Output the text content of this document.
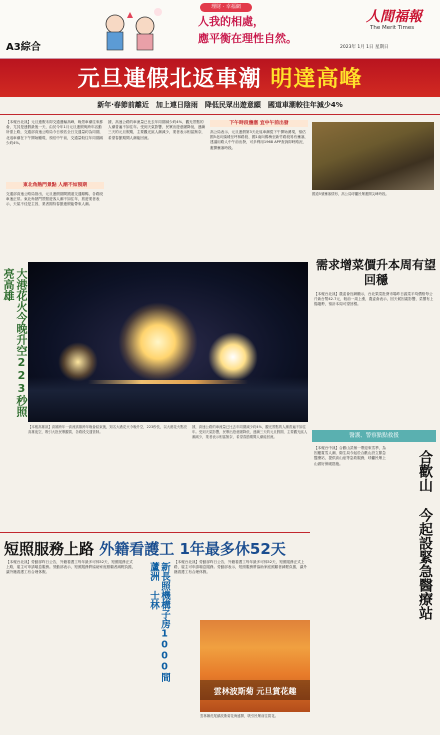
理財 · 幸福網
人我的相處，
應平衡在理性自然。
人間福報
The Merit Times
A3綜合	2023年 1月 1日 星期日
元旦連假北返車潮 明達高峰
新年·春節前離近　加上連日陰雨　降低民眾出遊意願　國道車潮較往年減少4%
【本報台北訊】元旦連假末即交通運輸高峰，晚景車潮往來都會，尤其是連假最後一天，由於今年1月元旦連假與跨年活動所需上路，交通部高速公路局今日預估全日交通量約為同期，北返車潮在下午開始顯現，預估中午前，交通量較往年同期減少約4%。
東北角熱門景點 人潮不如預期
交通部高速公路局指出，元旦連假期間國道交通順暢，各路段車速正常。東北角熱門景點遊客人潮不如往年，旅遊業者表示，天氣不佳是主因，業者期待春節連假能帶來人潮。
據，高速公路的車流量已比去年同期減少約4%，觀光景點的人潮普遍不如往年。受到天氣影響，民眾出遊意願降低，連續三天的元旦假期，主要觀光區人潮減少，業者表示相當無奈，希望春節期間人潮能回流。
下午時段壅塞 宜中午前出發
高公局表示，元旦連假第3天北返車潮從下午開始湧現，預估國5北向頭城至坪林路段、國1南向楊梅至新竹路段易有壅塞，建議用路人中午前出發，可多利用1968 APP查詢即時路況，避開壅塞時段。
國道5號壅塞情形，高公局呼籲民眾避開尖峰時段。
大港花火今晚升空223秒照亮高雄
【本報高雄訊】高雄跨年一高流高雄跨年晚會結束後，知名大港花火今晚升空，223秒長，以大港花火點亮高雄夜空，吸引大批民眾觀賞，各路段交通管制。
據，高速公路的車流量已比去年同期減少約4%，觀光景點的人潮普遍不如往年。受到天氣影響，民眾出遊意願降低，連續三天的元旦假期，主要觀光區人潮減少，業者表示相當無奈，希望春節期間人潮能回流。
需求增菜價升本周有望回穩
【本報台北訊】農委會官網顯示，台北果菜批發市場昨日蔬菜平均價格每公斤新台幣42.7元，較前一周上漲，農委會表示，因天候因素影響，菜價有上揚趨勢，預計本周可望回穩。
醫護、警察點點救援
合歡山 今起設緊急醫療站
【本報台中訊】合歡山武嶺一帶迎來雪季，為因應賞雪人潮，衛生局今起於合歡山設立緊急醫療站，提供高山症等急救服務，呼籲民眾上山做好保暖措施。
短照服務上路 外籍看護工 1年最多休52天
【本報台北訊】勞動部昨日公告，外籍看護工每年最多可休52天，短照服務正式上路，雇主可申請喘息服務。勞動部表示，短照服務將協助家庭照顧者減輕負擔，讓外籍看護工有合理休假。	新長照機構子房1000間 蘆洲　士林	【本報台北訊】勞動部昨日公告，外籍看護工每年最多可休52天，短照服務正式上路，雇主可申請喘息服務。勞動部表示，短照服務將協助家庭照顧者減輕負擔，讓外籍看護工有合理休假。
雲林波斯菊 元旦賞花趣
雲林縣虎尾鎮波斯菊花海盛開，吸引民眾前往賞花。
